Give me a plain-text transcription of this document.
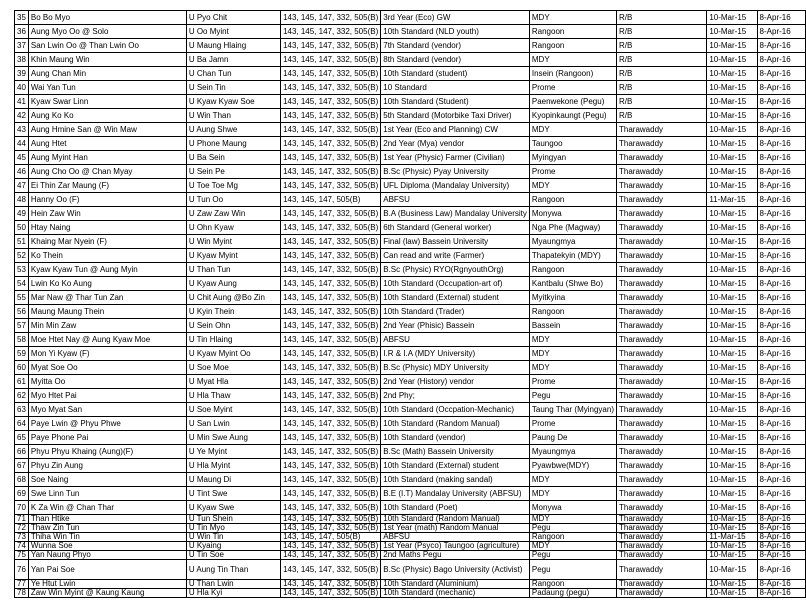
35	Bo Bo Myo	U Pyo Chit	143, 145, 147, 332, 505(B)	3rd Year (Eco) GW	MDY	R/B	10-Mar-15	8-Apr-16
36	Aung Myo Oo @ Solo	U Oo Myint	143, 145, 147, 332, 505(B)	10th Standard (NLD youth)	Rangoon	R/B	10-Mar-15	8-Apr-16
37	San Lwin Oo @ Than Lwin Oo	U Maung Hlaing	143, 145, 147, 332, 505(B)	7th Standard (vendor)	Rangoon	R/B	10-Mar-15	8-Apr-16
38	Khin Maung Win	U Ba Jamn	143, 145, 147, 332, 505(B)	8th Standard (vendor)	MDY	R/B	10-Mar-15	8-Apr-16
39	Aung Chan Min	U Chan Tun	143, 145, 147, 332, 505(B)	10th Standard (student)	Insein (Rangoon)	R/B	10-Mar-15	8-Apr-16
40	Wai Yan Tun	U Sein Tin	143, 145, 147, 332, 505(B)	10 Standard	Prome	R/B	10-Mar-15	8-Apr-16
41	Kyaw Swar Linn	U Kyaw Kyaw Soe	143, 145, 147, 332, 505(B)	10th Standard (Student)	Paenwekone (Pegu)	R/B	10-Mar-15	8-Apr-16
42	Aung Ko Ko	U Win Than	143, 145, 147, 332, 505(B)	5th Standard (Motorbike Taxi Driver)	Kyopinkaungt (Pegu)	R/B	10-Mar-15	8-Apr-16
43	Aung Hmine San @ Win Maw	U Aung Shwe	143, 145, 147, 332, 505(B)	1st Year (Eco and Planning) CW	MDY	Tharawaddy	10-Mar-15	8-Apr-16
44	Aung Htet	U Phone Maung	143, 145, 147, 332, 505(B)	2nd Year (Mya) vendor	Taungoo	Tharawaddy	10-Mar-15	8-Apr-16
45	Aung Myint Han	U Ba Sein	143, 145, 147, 332, 505(B)	1st Year (Physic) Farmer (Civilian)	Myingyan	Tharawaddy	10-Mar-15	8-Apr-16
46	Aung Cho Oo @ Chan Myay	U Sein Pe	143, 145, 147, 332, 505(B)	B.Sc (Physic) Pyay University	Prome	Tharawaddy	10-Mar-15	8-Apr-16
47	Ei Thin Zar Maung (F)	U Toe Toe Mg	143, 145, 147, 332, 505(B)	UFL Diploma (Mandalay University)	MDY	Tharawaddy	10-Mar-15	8-Apr-16
48	Hanny Oo (F)	U Tun Oo	143, 145, 147, 505(B)	ABFSU	Rangoon	Tharawaddy	11-Mar-15	8-Apr-16
49	Hein Zaw Win	U Zaw Zaw Win	143, 145, 147, 332, 505(B)	B.A (Business Law) Mandalay University	Monywa	Tharawaddy	10-Mar-15	8-Apr-16
50	Htay Naing	U Ohn Kyaw	143, 145, 147, 332, 505(B)	6th Standard (General worker)	Nga Phe (Magway)	Tharawaddy	10-Mar-15	8-Apr-16
51	Khaing Mar Nyein (F)	U Win Myint	143, 145, 147, 332, 505(B)	Final (law) Bassein University	Myaungmya	Tharawaddy	10-Mar-15	8-Apr-16
52	Ko Thein	U Kyaw Myint	143, 145, 147, 332, 505(B)	Can read and write (Farmer)	Thapatekyin (MDY)	Tharawaddy	10-Mar-15	8-Apr-16
53	Kyaw Kyaw Tun @ Aung Myin	U Than Tun	143, 145, 147, 332, 505(B)	B.Sc (Physic) RYO(RgnyouthOrg)	Rangoon	Tharawaddy	10-Mar-15	8-Apr-16
54	Lwin Ko Ko Aung	U Kyaw Aung	143, 145, 147, 332, 505(B)	10th Standard (Occupation-art of)	Kantbalu (Shwe Bo)	Tharawaddy	10-Mar-15	8-Apr-16
55	Mar Naw @ Thar Tun Zan	U Chit Aung @Bo Zin	143, 145, 147, 332, 505(B)	10th Standard (External) student	Myitkyina	Tharawaddy	10-Mar-15	8-Apr-16
56	Maung Maung Thein	U Kyin Thein	143, 145, 147, 332, 505(B)	10th Standard (Trader)	Rangoon	Tharawaddy	10-Mar-15	8-Apr-16
57	Min Min Zaw	U Sein Ohn	143, 145, 147, 332, 505(B)	2nd Year (Phisic) Bassein	Bassein	Tharawaddy	10-Mar-15	8-Apr-16
58	Moe Htet Nay @ Aung Kyaw Moe	U Tin Hlaing	143, 145, 147, 332, 505(B)	ABFSU	MDY	Tharawaddy	10-Mar-15	8-Apr-16
59	Mon Yi Kyaw (F)	U Kyaw Myint Oo	143, 145, 147, 332, 505(B)	I.R & I.A (MDY University)	MDY	Tharawaddy	10-Mar-15	8-Apr-16
60	Myat Soe Oo	U Soe Moe	143, 145, 147, 332, 505(B)	B.Sc (Physic) MDY University	MDY	Tharawaddy	10-Mar-15	8-Apr-16
61	Myitta Oo	U Myat Hla	143, 145, 147, 332, 505(B)	2nd Year (History) vendor	Prome	Tharawaddy	10-Mar-15	8-Apr-16
62	Myo Htet Pai	U Hla Thaw	143, 145, 147, 332, 505(B)	2nd Phy;	Pegu	Tharawaddy	10-Mar-15	8-Apr-16
63	Myo Myat San	U Soe Myint	143, 145, 147, 332, 505(B)	10th Standard (Occpation-Mechanic)	Taung Thar (Myingyan)	Tharawaddy	10-Mar-15	8-Apr-16
64	Paye Lwin @ Phyu Phwe	U San Lwin	143, 145, 147, 332, 505(B)	10th Standard (Random Manual)	Prome	Tharawaddy	10-Mar-15	8-Apr-16
65	Paye Phone Pai	U Min Swe Aung	143, 145, 147, 332, 505(B)	10th Standard (vendor)	Paung De	Tharawaddy	10-Mar-15	8-Apr-16
66	Phyu Phyu Khaing (Aung)(F)	U Ye Myint	143, 145, 147, 332, 505(B)	B.Sc (Math) Bassein University	Myaungmya	Tharawaddy	10-Mar-15	8-Apr-16
67	Phyu Zin Aung	U Hla Myint	143, 145, 147, 332, 505(B)	10th Standard (External) student	Pyawbwe(MDY)	Tharawaddy	10-Mar-15	8-Apr-16
68	Soe Naing	U Maung Di	143, 145, 147, 332, 505(B)	10th Standard (making sandal)	MDY	Tharawaddy	10-Mar-15	8-Apr-16
69	Swe Linn Tun	U Tint Swe	143, 145, 147, 332, 505(B)	B.E (I.T) Mandalay University (ABFSU)	MDY	Tharawaddy	10-Mar-15	8-Apr-16
70	K Za Win @ Chan Thar	U Kyaw Swe	143, 145, 147, 332, 505(B)	10th Standard (Poet)	Monywa	Tharawaddy	10-Mar-15	8-Apr-16
71	Than Htike	U Tun Shein	143, 145, 147, 332, 505(B)	10th Standard (Random Manual)	MDY	Tharawaddy	10-Mar-15	8-Apr-16
72	Thaw Zin Tun	U Tin Myo	143, 145, 147, 332, 505(B)	1st Year (math) Random Manual	Pegu	Tharawaddy	10-Mar-15	8-Apr-16
73	Thiha Win Tin	U Win Tin	143, 145, 147, 505(B)	ABFSU	Rangoon	Tharawaddy	11-Mar-15	8-Apr-16
74	Wunna Soe	U Kyaing	143, 145, 147, 332, 505(B)	1st Year (Psyco) Taungoo (agriculture)	MDY	Tharawaddy	10-Mar-15	8-Apr-16
75	Yan Naung Phyo	U Tin Soe	143, 145, 147, 332, 505(B)	2nd Maths Pegu	Pegu	Tharawaddy	10-Mar-15	8-Apr-16
76	Yan Pai Soe	U Aung Tin Than	143, 145, 147, 332, 505(B)	B.Sc (Physic) Bago University (Activist)	Pegu	Tharawaddy	10-Mar-15	8-Apr-16
77	Ye Htut Lwin	U Than Lwin	143, 145, 147, 332, 505(B)	10th Standard (Aluminium)	Rangoon	Tharawaddy	10-Mar-15	8-Apr-16
78	Zaw Win Myint @ Kaung Kaung	U Hla Kyi	143, 145, 147, 332, 505(B)	10th Standard (mechanic)	Padaung (pegu)	Tharawaddy	10-Mar-15	8-Apr-16
